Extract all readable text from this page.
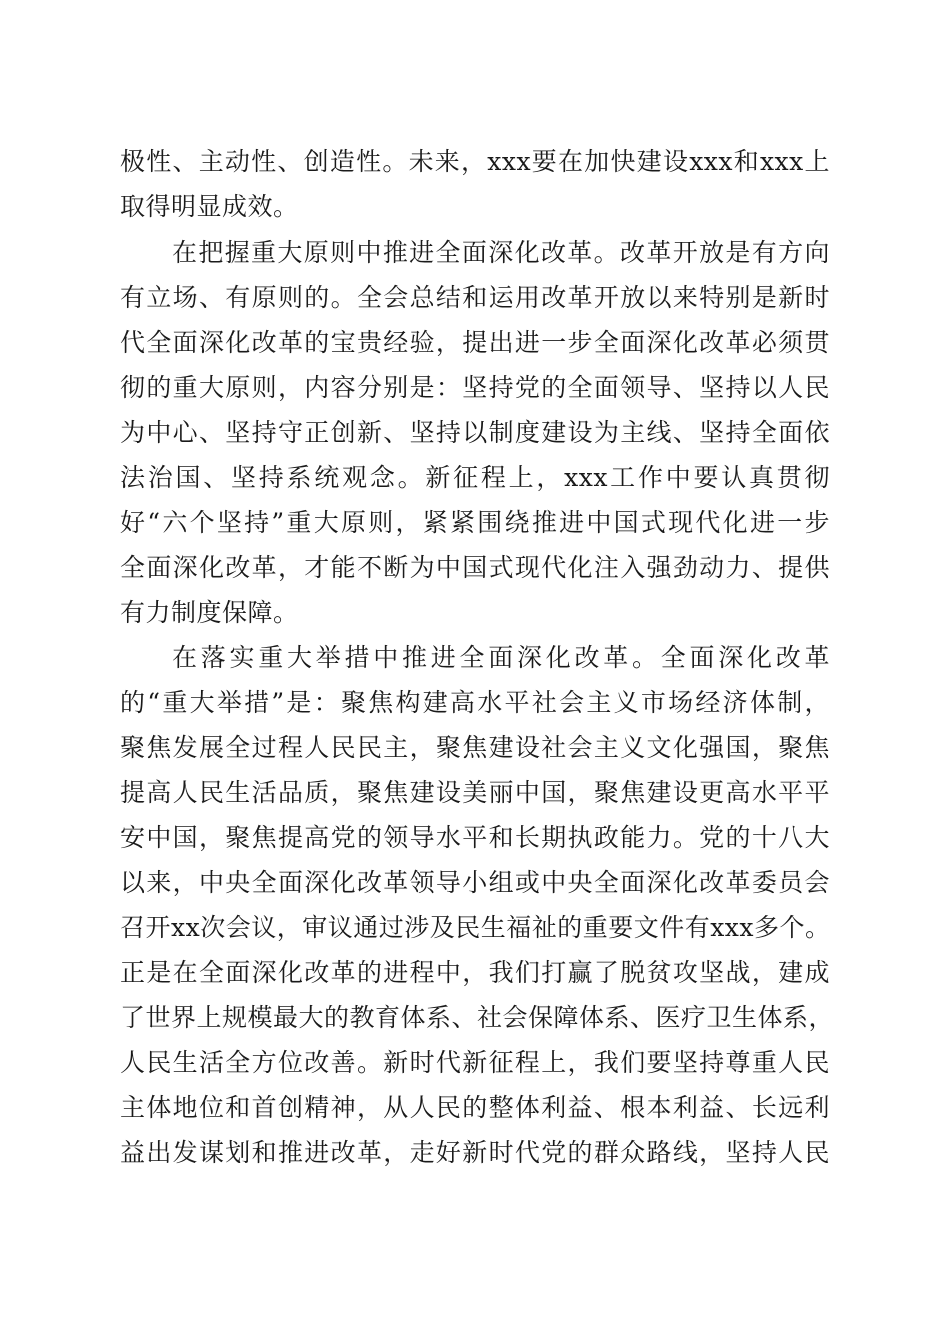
极性、主动性、创造性。未来，xxx要在加快建设xxx和xxx上
取得明显成效。
在把握重大原则中推进全面深化改革。改革开放是有方向
有立场、有原则的。全会总结和运用改革开放以来特别是新时
代全面深化改革的宝贵经验，提出进一步全面深化改革必须贯
彻的重大原则，内容分别是：坚持党的全面领导、坚持以人民
为中心、坚持守正创新、坚持以制度建设为主线、坚持全面依
法治国、坚持系统观念。新征程上，xxx工作中要认真贯彻
好“六个坚持”重大原则，紧紧围绕推进中国式现代化进一步
全面深化改革，才能不断为中国式现代化注入强劲动力、提供
有力制度保障。
在落实重大举措中推进全面深化改革。全面深化改革
的“重大举措”是：聚焦构建高水平社会主义市场经济体制，
聚焦发展全过程人民民主，聚焦建设社会主义文化强国，聚焦
提高人民生活品质，聚焦建设美丽中国，聚焦建设更高水平平
安中国，聚焦提高党的领导水平和长期执政能力。党的十八大
以来，中央全面深化改革领导小组或中央全面深化改革委员会
召开xx次会议，审议通过涉及民生福祉的重要文件有xxx多个。
正是在全面深化改革的进程中，我们打赢了脱贫攻坚战，建成
了世界上规模最大的教育体系、社会保障体系、医疗卫生体系，
人民生活全方位改善。新时代新征程上，我们要坚持尊重人民
主体地位和首创精神，从人民的整体利益、根本利益、长远利
益出发谋划和推进改革，走好新时代党的群众路线，坚持人民
